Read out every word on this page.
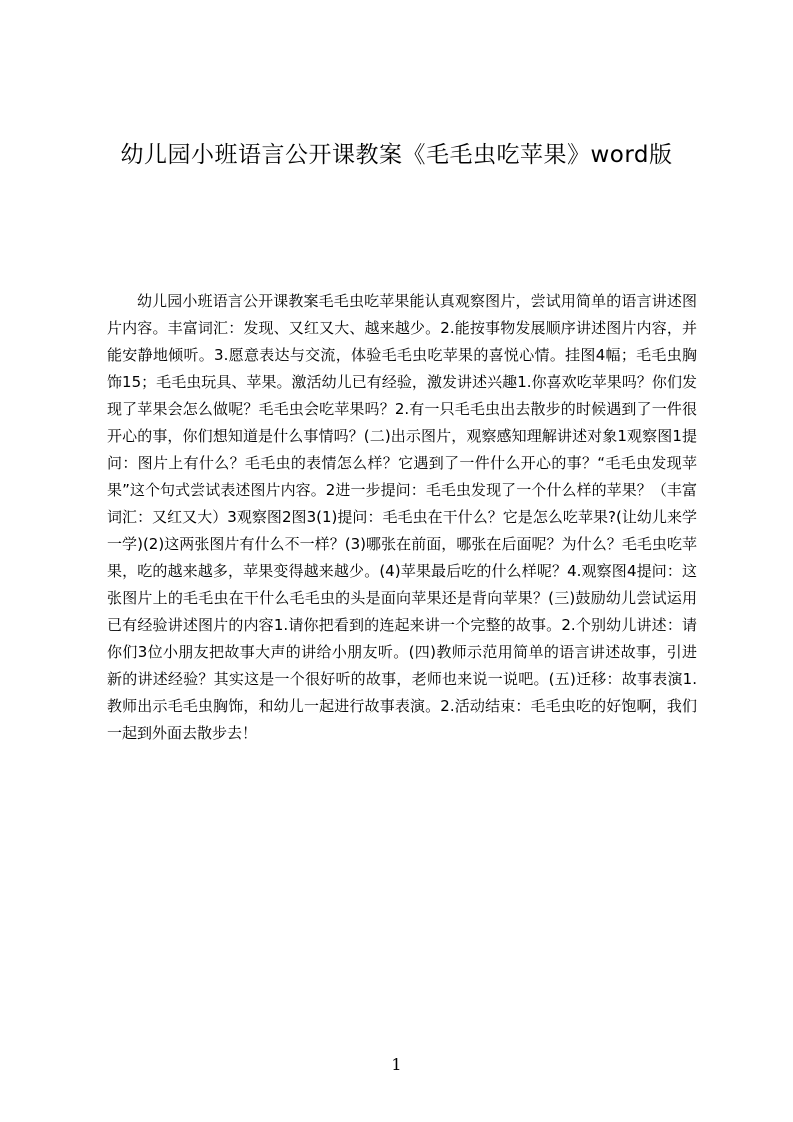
幼儿园小班语言公开课教案《毛毛虫吃苹果》word版

幼儿园小班语言公开课教案毛毛虫吃苹果能认真观察图片，尝试用简单的语言讲述图片内容。丰富词汇：发现、又红又大、越来越少。2.能按事物发展顺序讲述图片内容，并能安静地倾听。3.愿意表达与交流，体验毛毛虫吃苹果的喜悦心情。挂图4幅；毛毛虫胸饰15；毛毛虫玩具、苹果。激活幼儿已有经验，激发讲述兴趣1.你喜欢吃苹果吗？你们发现了苹果会怎么做呢？毛毛虫会吃苹果吗？2.有一只毛毛虫出去散步的时候遇到了一件很开心的事，你们想知道是什么事情吗？(二)出示图片，观察感知理解讲述对象1观察图1提问：图片上有什么？毛毛虫的表情怎么样？它遇到了一件什么开心的事？“毛毛虫发现苹果”这个句式尝试表述图片内容。2进一步提问：毛毛虫发现了一个什么样的苹果？（丰富词汇：又红又大）3观察图2图3(1)提问：毛毛虫在干什么？它是怎么吃苹果?(让幼儿来学一学)(2)这两张图片有什么不一样？(3)哪张在前面，哪张在后面呢？为什么？毛毛虫吃苹果，吃的越来越多，苹果变得越来越少。(4)苹果最后吃的什么样呢？4.观察图4提问：这张图片上的毛毛虫在干什么毛毛虫的头是面向苹果还是背向苹果？(三)鼓励幼儿尝试运用已有经验讲述图片的内容1.请你把看到的连起来讲一个完整的故事。2.个别幼儿讲述：请你们3位小朋友把故事大声的讲给小朋友听。(四)教师示范用简单的语言讲述故事，引进新的讲述经验？其实这是一个很好听的故事，老师也来说一说吧。(五)迁移：故事表演1.教师出示毛毛虫胸饰，和幼儿一起进行故事表演。2.活动结束：毛毛虫吃的好饱啊，我们一起到外面去散步去！

1
